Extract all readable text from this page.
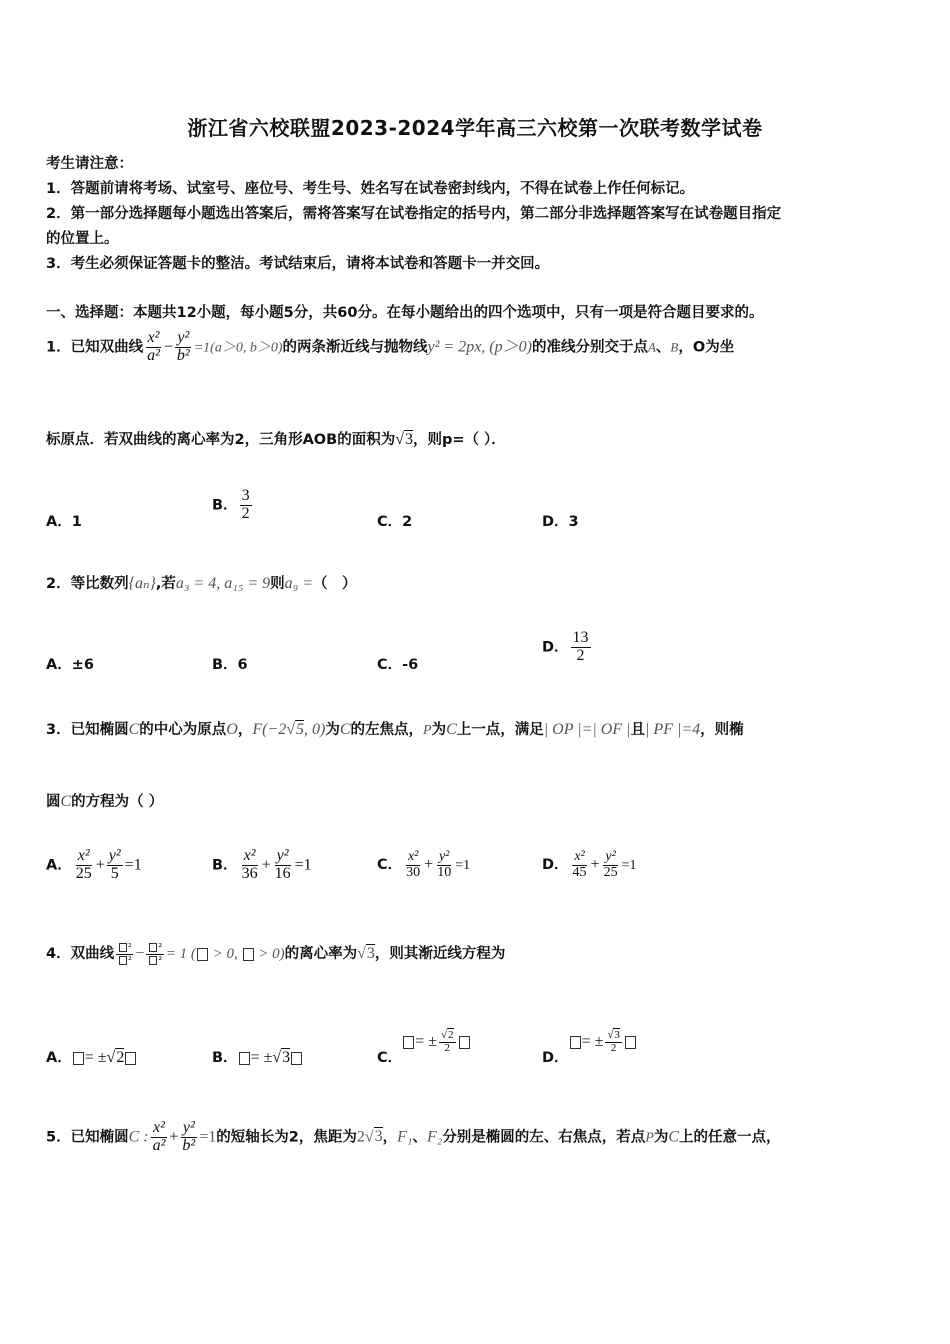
浙江省六校联盟2023-2024学年高三六校第一次联考数学试卷
考生请注意：
1．答题前请将考场、试室号、座位号、考生号、姓名写在试卷密封线内，不得在试卷上作任何标记。
2．第一部分选择题每小题选出答案后，需将答案写在试卷指定的括号内，第二部分非选择题答案写在试卷题目指定
的位置上。
3．考生必须保证答题卡的整洁。考试结束后，请将本试卷和答题卡一并交回。
一、选择题：本题共12小题，每小题5分，共60分。在每小题给出的四个选项中，只有一项是符合题目要求的。
1．已知双曲线 $\frac{\text{x²}}{\text{a²}} - \frac{\text{y²}}{\text{b²}} =1(a>0$, b＞0)的两条渐近线与抛物线y² = 2px, (p＞0)的准线分别交于点A、B，O为坐
标原点．若双曲线的离心率为2，三角形AOB的面积为√3，则p=（ ）．
A．1
B． $\frac{3}{2}$	C．2	D．3
2．等比数列{aₙ},若a₃ = 4, a₁₅ = 9则a₉ =（　）
A．±6	B．6	C．-6
D． $\frac{13}{2}$
3．已知椭圆C的中心为原点O，F(−2√5, 0)为C的左焦点，P为C上一点，满足| OP |=| OF |且| PF |=4，则椭
圆C的方程为（ ）
A． $\frac{\text{x²}}{25} + \frac{\text{y²}}{5} =1$	B． $\frac{\text{x²}}{36} + \frac{\text{y²}}{16} =1$	C． $\frac{\text{x²}}{30} + \frac{\text{y²}}{10} =1$	D． $\frac{\text{x²}}{45} + \frac{\text{y²}}{25} =1$
4．双曲线 $\frac{\text{²}}{\text{²}} - \frac{\text{²}}{\text{²}} = 1$ ( > 0,  > 0)的离心率为√3，则其渐近线方程为
A． = ±√2	B． = ±√3	C．= ± $\frac{√2}{2}$
D．= ± $\frac{√3}{2}$
5．已知椭圆C : $\frac{\text{x²}}{\text{a²}} + \frac{\text{y²}}{\text{b²}} =1$的短轴长为2，焦距为2√3，F₁、F₂分别是椭圆的左、右焦点，若点P为C上的任意一点，
